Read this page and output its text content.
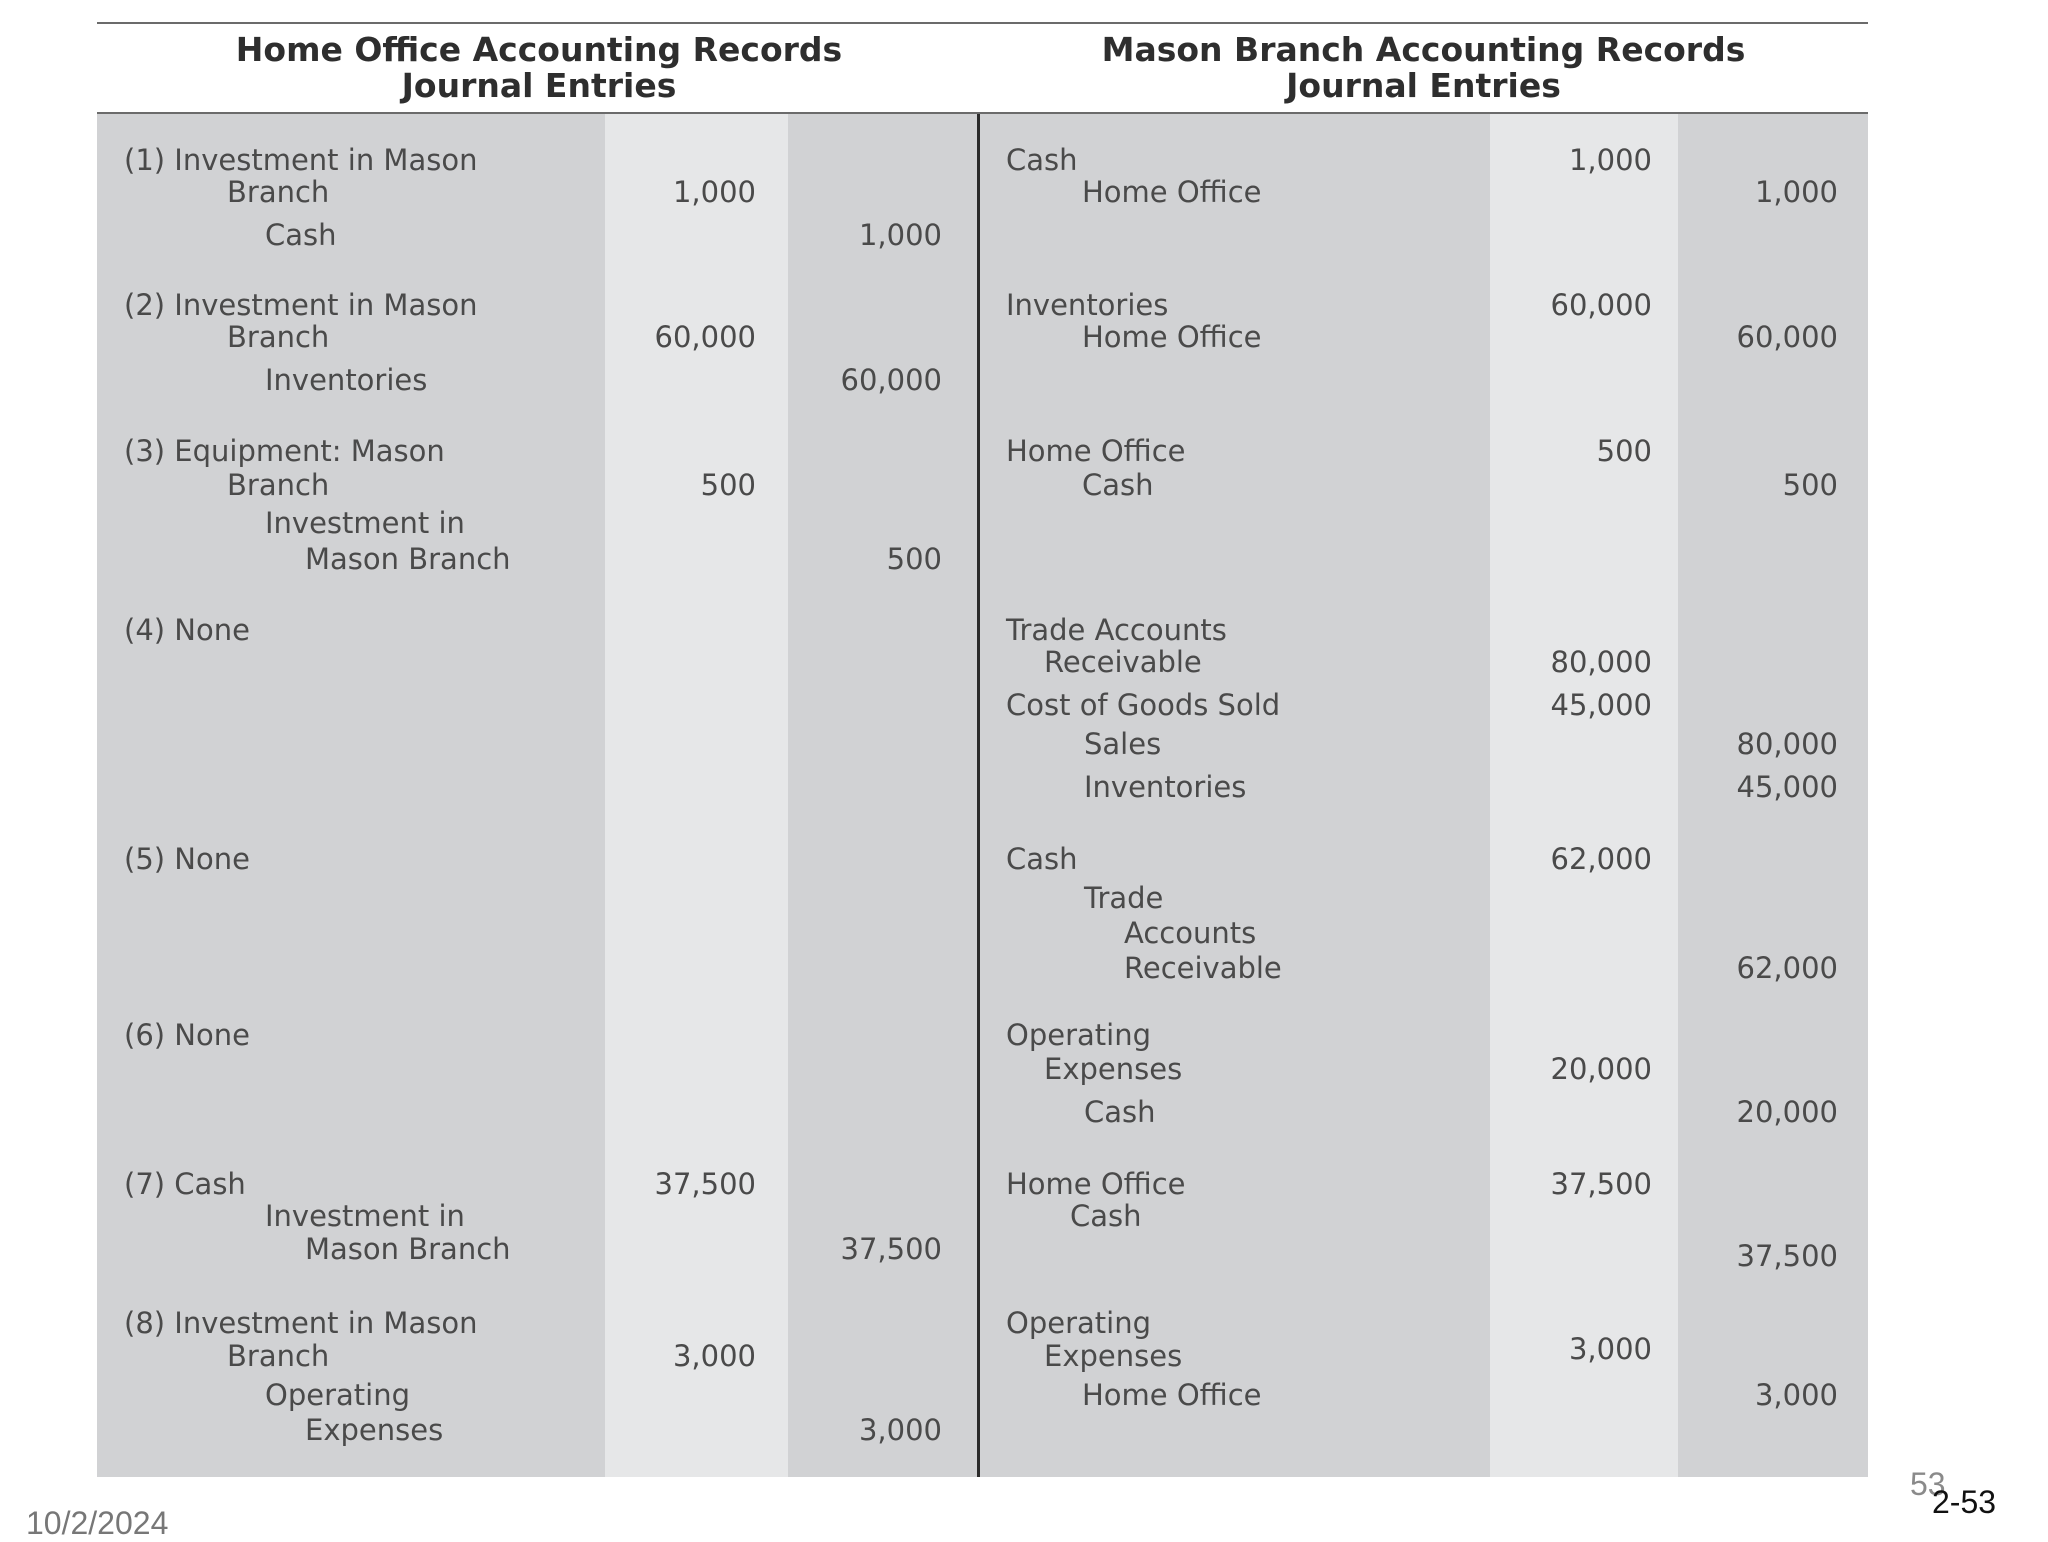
Home Office Accounting Records
Journal Entries
Mason Branch Accounting Records
Journal Entries
(1) Investment in Mason
Branch
Cash
1,000
1,000
(2) Investment in Mason
Branch
Inventories
60,000
60,000
(3) Equipment: Mason
Branch
Investment in
Mason Branch
500
500
(4) None
(5) None
(6) None
(7) Cash
Investment in
Mason Branch
37,500
37,500
(8) Investment in Mason
Branch
Operating
Expenses
3,000
3,000
Cash
Home Office
1,000
1,000
Inventories
Home Office
60,000
60,000
Home Office
Cash
500
500
Trade Accounts
Receivable
Cost of Goods Sold
Sales
Inventories
80,000
45,000
80,000
45,000
Cash
Trade
Accounts
Receivable
62,000
62,000
Operating
Expenses
Cash
20,000
20,000
Home Office
Cash
37,500
37,500
Operating
Expenses
Home Office
3,000
3,000
10/2/2024
53
2-53
